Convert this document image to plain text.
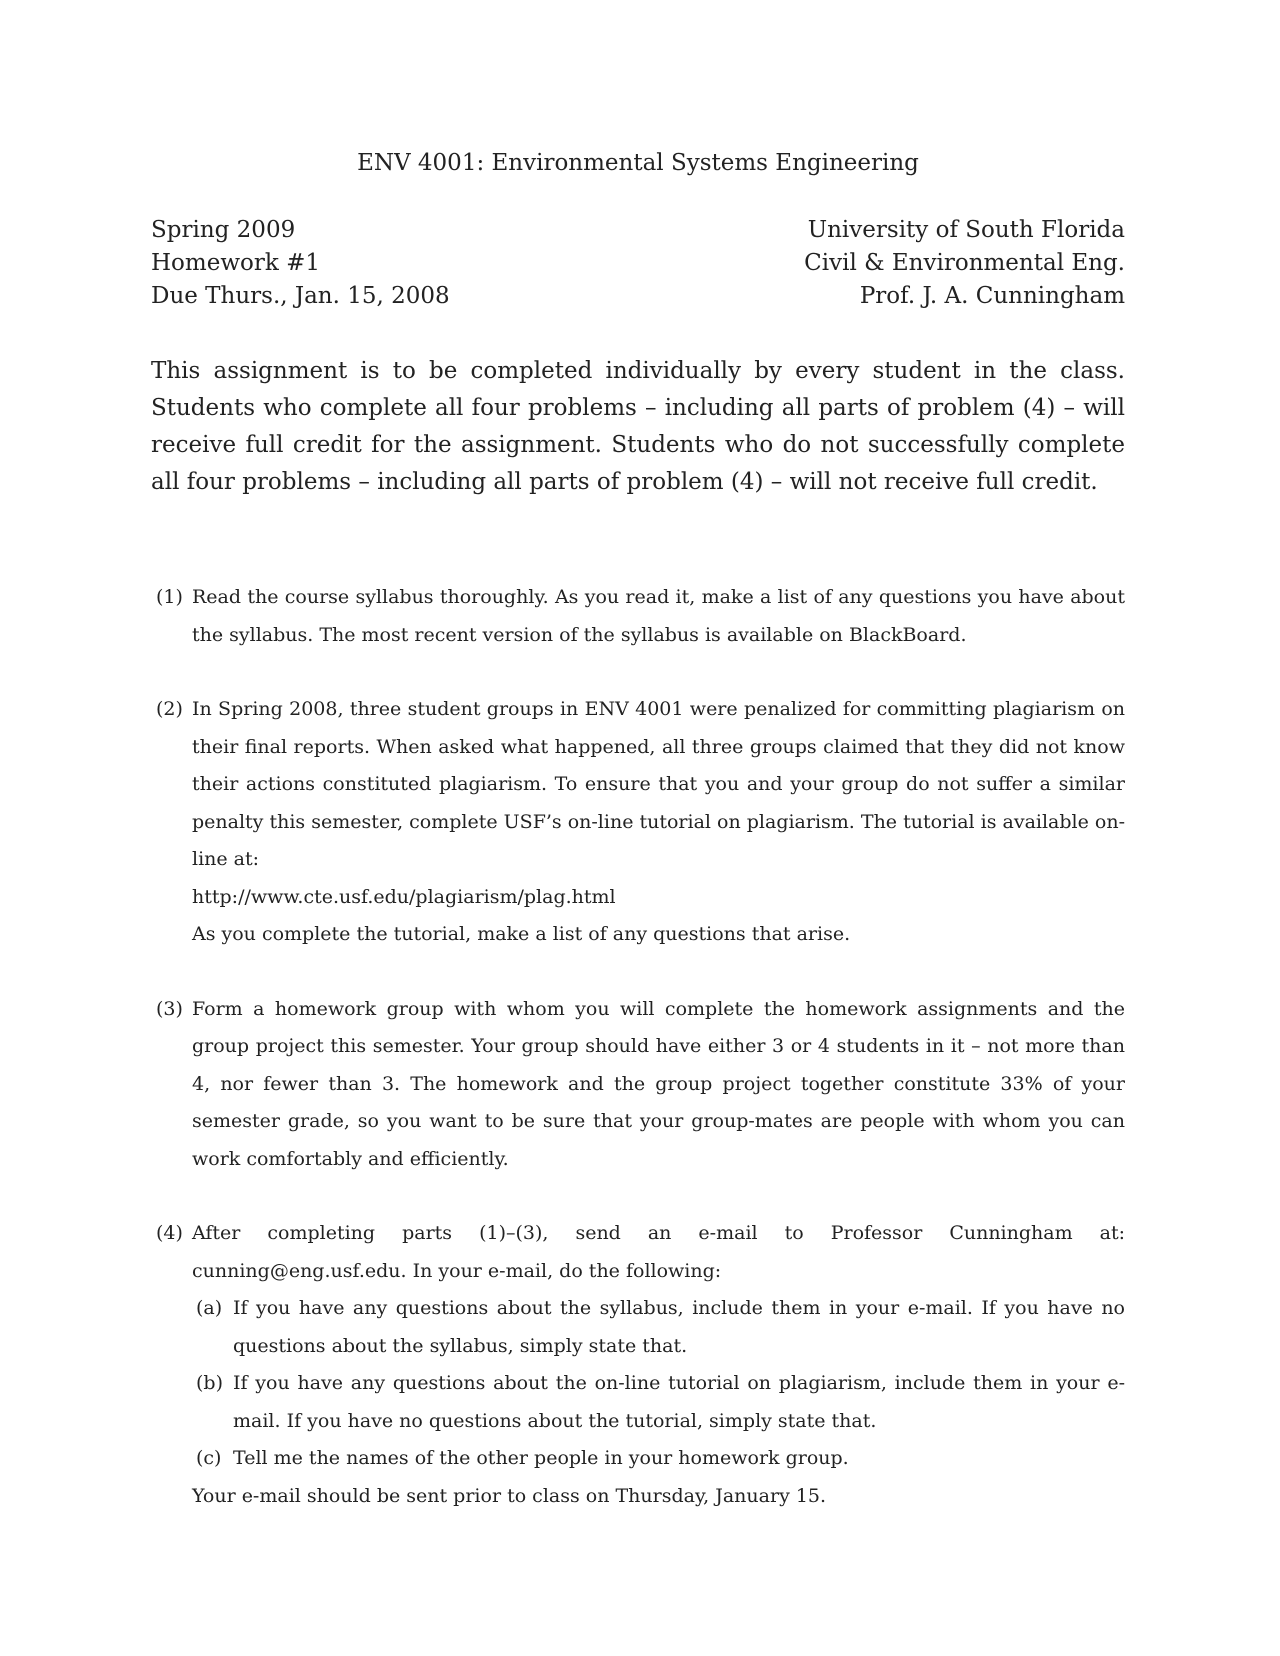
ENV 4001: Environmental Systems Engineering
Spring 2009
Homework #1
Due Thurs., Jan. 15, 2008
University of South Florida
Civil & Environmental Eng.
Prof. J. A. Cunningham
This assignment is to be completed individually by every student in the class. Students who complete all four problems – including all parts of problem (4) – will receive full credit for the assignment. Students who do not successfully complete all four problems – including all parts of problem (4) – will not receive full credit.
(1) Read the course syllabus thoroughly. As you read it, make a list of any questions you have about the syllabus. The most recent version of the syllabus is available on BlackBoard.
(2) In Spring 2008, three student groups in ENV 4001 were penalized for committing plagiarism on their final reports. When asked what happened, all three groups claimed that they did not know their actions constituted plagiarism. To ensure that you and your group do not suffer a similar penalty this semester, complete USF’s on-line tutorial on plagiarism. The tutorial is available on-line at:
http://www.cte.usf.edu/plagiarism/plag.html
As you complete the tutorial, make a list of any questions that arise.
(3) Form a homework group with whom you will complete the homework assignments and the group project this semester. Your group should have either 3 or 4 students in it – not more than 4, nor fewer than 3. The homework and the group project together constitute 33% of your semester grade, so you want to be sure that your group-mates are people with whom you can work comfortably and efficiently.
(4) After completing parts (1)–(3), send an e-mail to Professor Cunningham at: cunning@eng.usf.edu. In your e-mail, do the following:
(a) If you have any questions about the syllabus, include them in your e-mail. If you have no questions about the syllabus, simply state that.
(b) If you have any questions about the on-line tutorial on plagiarism, include them in your e-mail. If you have no questions about the tutorial, simply state that.
(c) Tell me the names of the other people in your homework group.
Your e-mail should be sent prior to class on Thursday, January 15.
